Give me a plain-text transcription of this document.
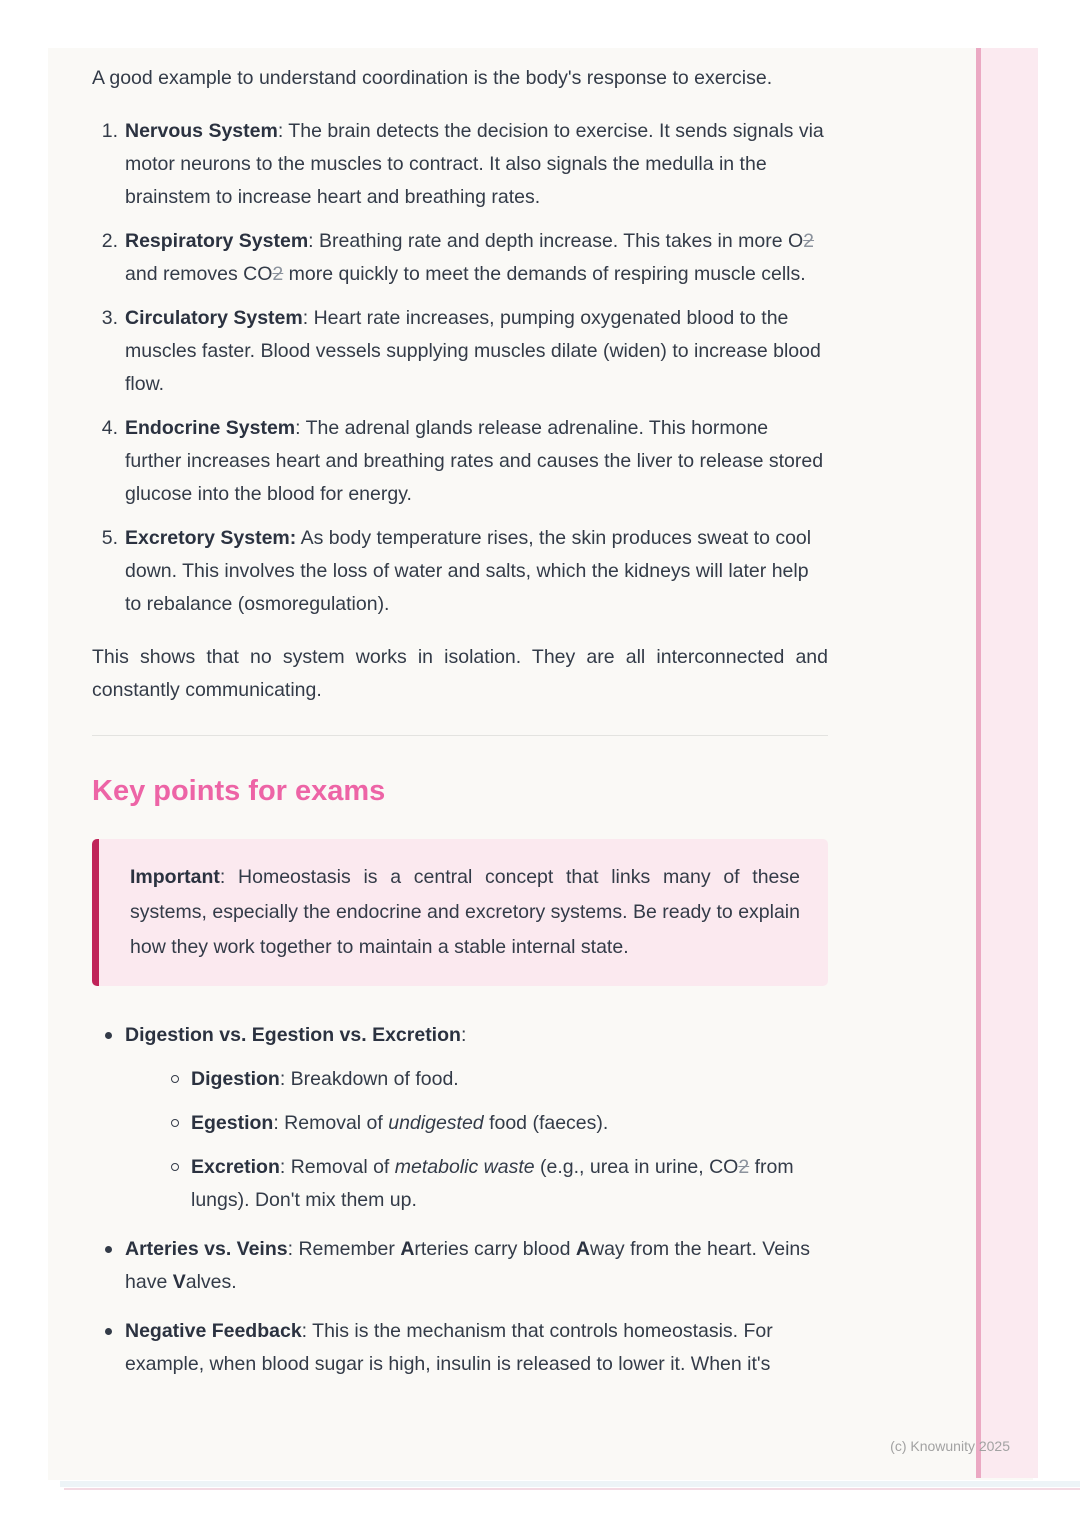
A good example to understand coordination is the body's response to exercise.

1. Nervous System: The brain detects the decision to exercise. It sends signals via motor neurons to the muscles to contract. It also signals the medulla in the brainstem to increase heart and breathing rates.
2. Respiratory System: Breathing rate and depth increase. This takes in more O2 and removes CO2 more quickly to meet the demands of respiring muscle cells.
3. Circulatory System: Heart rate increases, pumping oxygenated blood to the muscles faster. Blood vessels supplying muscles dilate (widen) to increase blood flow.
4. Endocrine System: The adrenal glands release adrenaline. This hormone further increases heart and breathing rates and causes the liver to release stored glucose into the blood for energy.
5. Excretory System: As body temperature rises, the skin produces sweat to cool down. This involves the loss of water and salts, which the kidneys will later help to rebalance (osmoregulation).

This shows that no system works in isolation. They are all interconnected and constantly communicating.

Key points for exams
Important: Homeostasis is a central concept that links many of these systems, especially the endocrine and excretory systems. Be ready to explain how they work together to maintain a stable internal state.
Digestion vs. Egestion vs. Excretion:
Digestion: Breakdown of food.
Egestion: Removal of undigested food (faeces).
Excretion: Removal of metabolic waste (e.g., urea in urine, CO2 from lungs). Don't mix them up.
Arteries vs. Veins: Remember Arteries carry blood Away from the heart. Veins have Valves.
Negative Feedback: This is the mechanism that controls homeostasis. For example, when blood sugar is high, insulin is released to lower it. When it's
(c) Knowunity 2025
